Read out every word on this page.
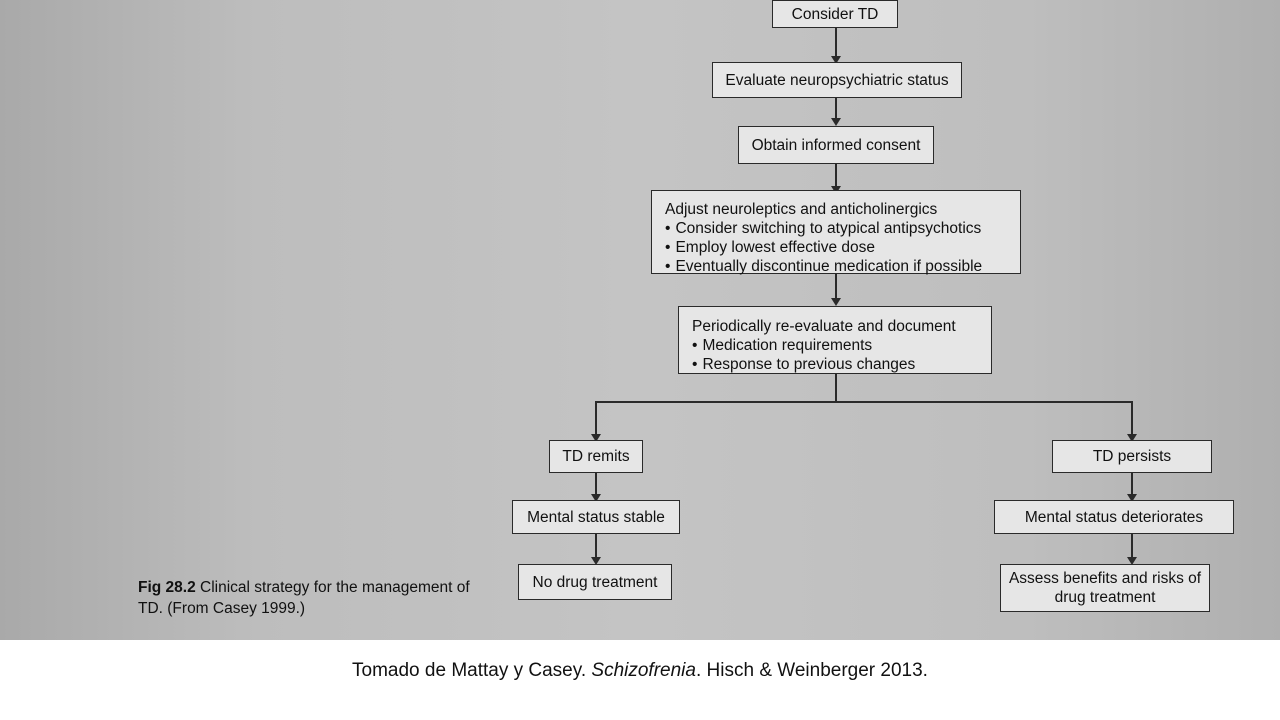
Consider TD
Evaluate neuropsychiatric status
Obtain informed consent
Adjust neuroleptics and anticholinergics
• Consider switching to atypical antipsychotics
• Employ lowest effective dose
• Eventually discontinue medication if possible
Periodically re-evaluate and document
• Medication requirements
• Response to previous changes
TD remits
Mental status stable
No drug treatment
TD persists
Mental status deteriorates
Assess benefits and risks of drug treatment
Fig 28.2 Clinical strategy for the management of TD. (From Casey 1999.)
Tomado de Mattay y Casey. Schizofrenia. Hisch & Weinberger 2013.
